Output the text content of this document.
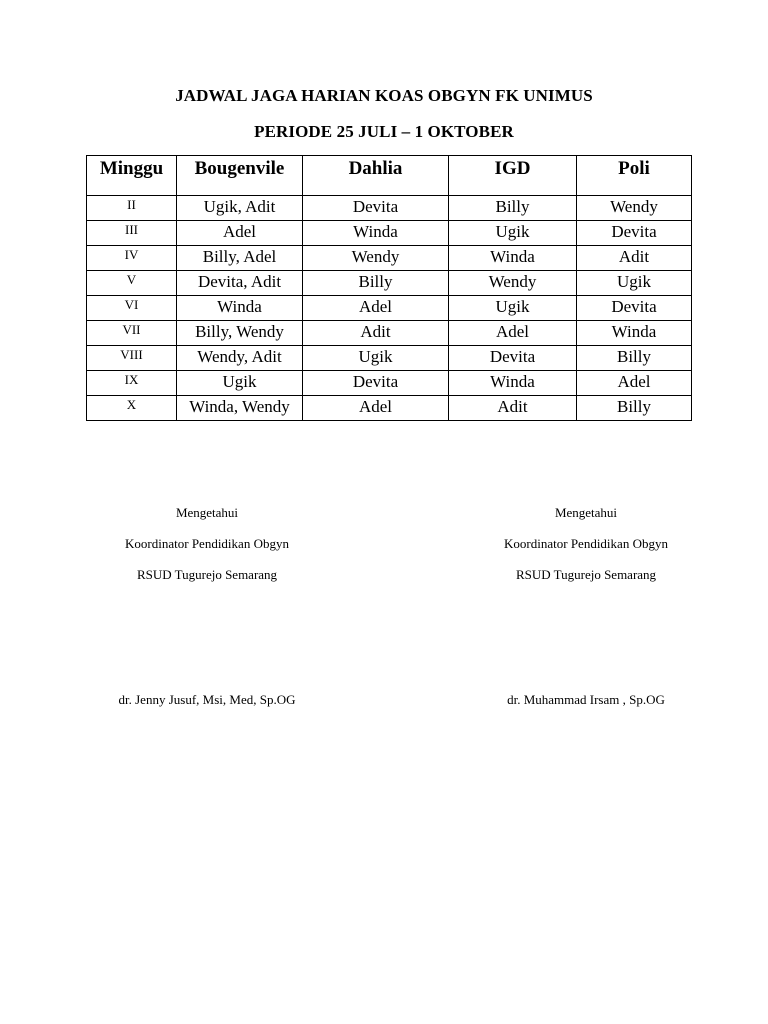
JADWAL JAGA HARIAN KOAS OBGYN FK UNIMUS
PERIODE 25 JULI – 1 OKTOBER
Minggu	Bougenvile	Dahlia	IGD	Poli
II	Ugik, Adit	Devita	Billy	Wendy
III	Adel	Winda	Ugik	Devita
IV	Billy, Adel	Wendy	Winda	Adit
V	Devita, Adit	Billy	Wendy	Ugik
VI	Winda	Adel	Ugik	Devita
VII	Billy, Wendy	Adit	Adel	Winda
VIII	Wendy, Adit	Ugik	Devita	Billy
IX	Ugik	Devita	Winda	Adel
X	Winda, Wendy	Adel	Adit	Billy
Mengetahui
Koordinator Pendidikan Obgyn
RSUD Tugurejo Semarang
dr. Jenny Jusuf, Msi, Med, Sp.OG
Mengetahui
Koordinator Pendidikan Obgyn
RSUD Tugurejo Semarang
dr. Muhammad Irsam , Sp.OG
